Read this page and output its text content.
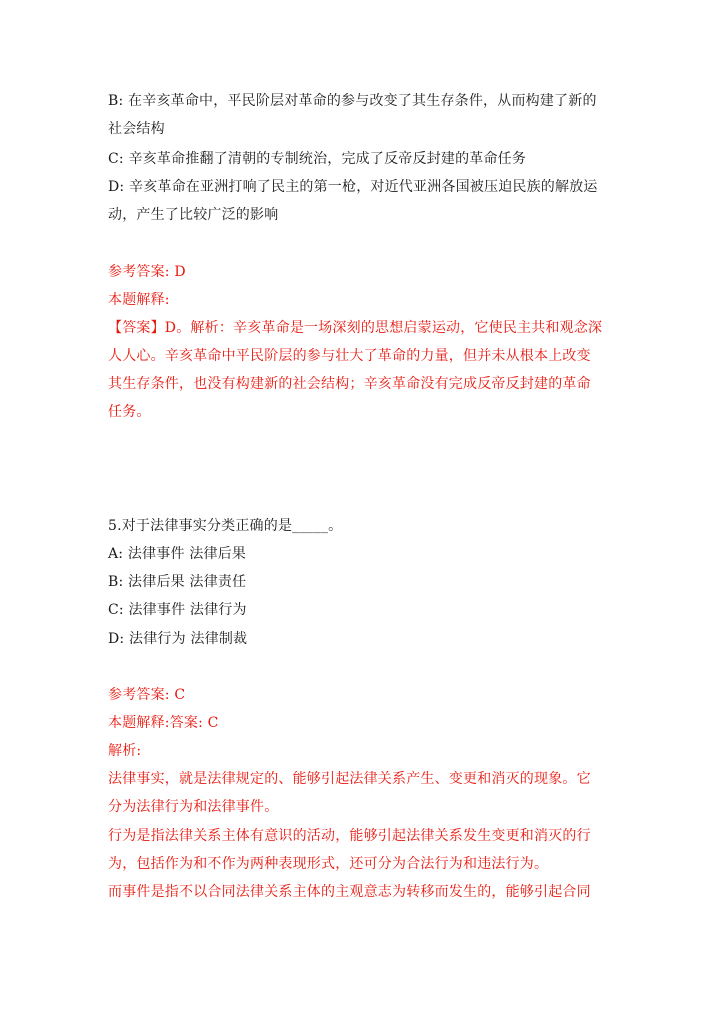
B: 在辛亥革命中，平民阶层对革命的参与改变了其生存条件，从而构建了新的
社会结构
C: 辛亥革命推翻了清朝的专制统治，完成了反帝反封建的革命任务
D: 辛亥革命在亚洲打响了民主的第一枪，对近代亚洲各国被压迫民族的解放运
动，产生了比较广泛的影响
参考答案: D
本题解释:
【答案】D。解析：辛亥革命是一场深刻的思想启蒙运动，它使民主共和观念深
人人心。辛亥革命中平民阶层的参与壮大了革命的力量，但并未从根本上改变
其生存条件，也没有构建新的社会结构；辛亥革命没有完成反帝反封建的革命
任务。
5.对于法律事实分类正确的是_____。
A: 法律事件 法律后果
B: 法律后果 法律责任
C: 法律事件 法律行为
D: 法律行为 法律制裁
参考答案: C
本题解释:答案: C
解析:
法律事实，就是法律规定的、能够引起法律关系产生、变更和消灭的现象。它
分为法律行为和法律事件。
行为是指法律关系主体有意识的活动，能够引起法律关系发生变更和消灭的行
为，包括作为和不作为两种表现形式，还可分为合法行为和违法行为。
而事件是指不以合同法律关系主体的主观意志为转移而发生的，能够引起合同
